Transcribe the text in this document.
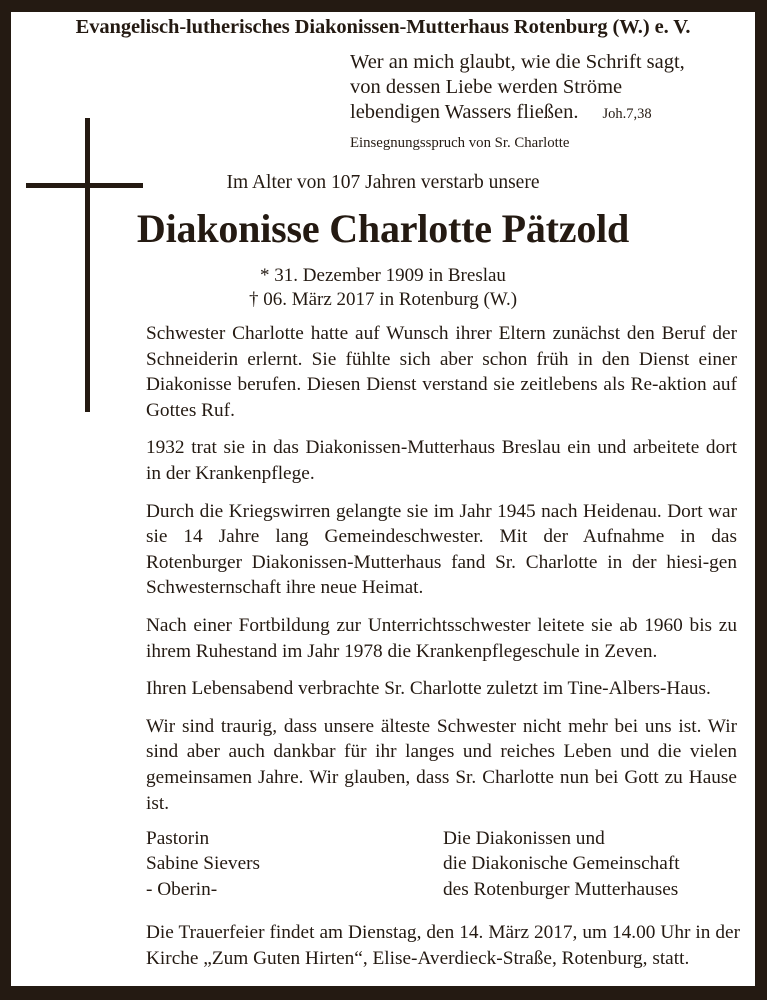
Evangelisch-lutherisches Diakonissen-Mutterhaus Rotenburg (W.) e. V.
Wer an mich glaubt, wie die Schrift sagt,
von dessen Liebe werden Ströme
lebendigen Wassers fließen. Joh.7,38
Einsegnungsspruch von Sr. Charlotte
Im Alter von 107 Jahren verstarb unsere
Diakonisse Charlotte Pätzold
* 31. Dezember 1909 in Breslau
† 06. März 2017 in Rotenburg (W.)

Schwester Charlotte hatte auf Wunsch ihrer Eltern zunächst den Beruf der Schneiderin erlernt. Sie fühlte sich aber schon früh in den Dienst einer Diakonisse berufen. Diesen Dienst verstand sie zeitlebens als Re-aktion auf Gottes Ruf.

1932 trat sie in das Diakonissen-Mutterhaus Breslau ein und arbeitete dort in der Krankenpflege.

Durch die Kriegswirren gelangte sie im Jahr 1945 nach Heidenau. Dort war sie 14 Jahre lang Gemeindeschwester. Mit der Aufnahme in das Rotenburger Diakonissen-Mutterhaus fand Sr. Charlotte in der hiesi-gen Schwesternschaft ihre neue Heimat.

Nach einer Fortbildung zur Unterrichtsschwester leitete sie ab 1960 bis zu ihrem Ruhestand im Jahr 1978 die Krankenpflegeschule in Zeven.

Ihren Lebensabend verbrachte Sr. Charlotte zuletzt im Tine-Albers-Haus.

Wir sind traurig, dass unsere älteste Schwester nicht mehr bei uns ist. Wir sind aber auch dankbar für ihr langes und reiches Leben und die vielen gemeinsamen Jahre. Wir glauben, dass Sr. Charlotte nun bei Gott zu Hause ist.

Pastorin
Sabine Sievers
- Oberin-
Die Diakonissen und
die Diakonische Gemeinschaft
des Rotenburger Mutterhauses

Die Trauerfeier findet am Dienstag, den 14. März 2017, um 14.00 Uhr in der Kirche „Zum Guten Hirten“, Elise-Averdieck-Straße, Rotenburg, statt.
